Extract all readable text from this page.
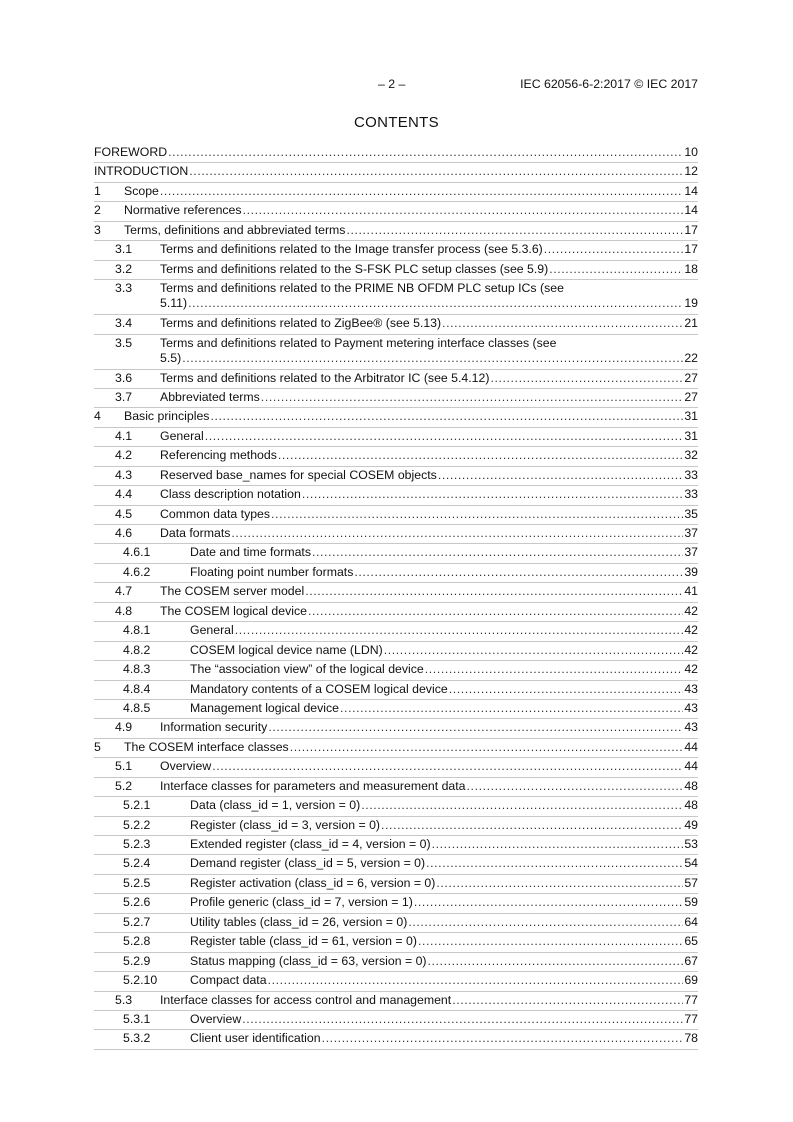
– 2 –	IEC 62056-6-2:2017 © IEC 2017
CONTENTS
FOREWORD .....	10
INTRODUCTION .....	12
1 Scope .....	14
2 Normative references .....	14
3 Terms, definitions and abbreviated terms .....	17
3.1 Terms and definitions related to the Image transfer process (see 5.3.6) .....	17
3.2 Terms and definitions related to the S-FSK PLC setup classes (see 5.9) .....	18
3.3 Terms and definitions related to the PRIME NB OFDM PLC setup ICs (see
5.11) .....	19
3.4 Terms and definitions related to ZigBee® (see 5.13) .....	21
3.5 Terms and definitions related to Payment metering interface classes (see
5.5) .....	22
3.6 Terms and definitions related to the Arbitrator IC (see 5.4.12) .....	27
3.7 Abbreviated terms .....	27
4 Basic principles .....	31
4.1 General .....	31
4.2 Referencing methods .....	32
4.3 Reserved base_names for special COSEM objects .....	33
4.4 Class description notation .....	33
4.5 Common data types .....	35
4.6 Data formats .....	37
4.6.1	Date and time formats .....	37
4.6.2	Floating point number formats .....	39
4.7 The COSEM server model .....	41
4.8 The COSEM logical device .....	42
4.8.1	General .....	42
4.8.2	COSEM logical device name (LDN) .....	42
4.8.3	The “association view” of the logical device .....	42
4.8.4	Mandatory contents of a COSEM logical device .....	43
4.8.5	Management logical device .....	43
4.9 Information security .....	43
5 The COSEM interface classes .....	44
5.1 Overview .....	44
5.2 Interface classes for parameters and measurement data .....	48
5.2.1	Data (class_id = 1, version = 0) .....	48
5.2.2	Register (class_id = 3, version = 0) .....	49
5.2.3	Extended register (class_id = 4, version = 0) .....	53
5.2.4	Demand register (class_id = 5, version = 0) .....	54
5.2.5	Register activation (class_id = 6, version = 0) .....	57
5.2.6	Profile generic (class_id = 7, version = 1) .....	59
5.2.7	Utility tables (class_id = 26, version = 0) .....	64
5.2.8	Register table (class_id = 61, version = 0) .....	65
5.2.9	Status mapping (class_id = 63, version = 0) .....	67
5.2.10	Compact data .....	69
5.3 Interface classes for access control and management .....	77
5.3.1	Overview .....	77
5.3.2	Client user identification .....	78
